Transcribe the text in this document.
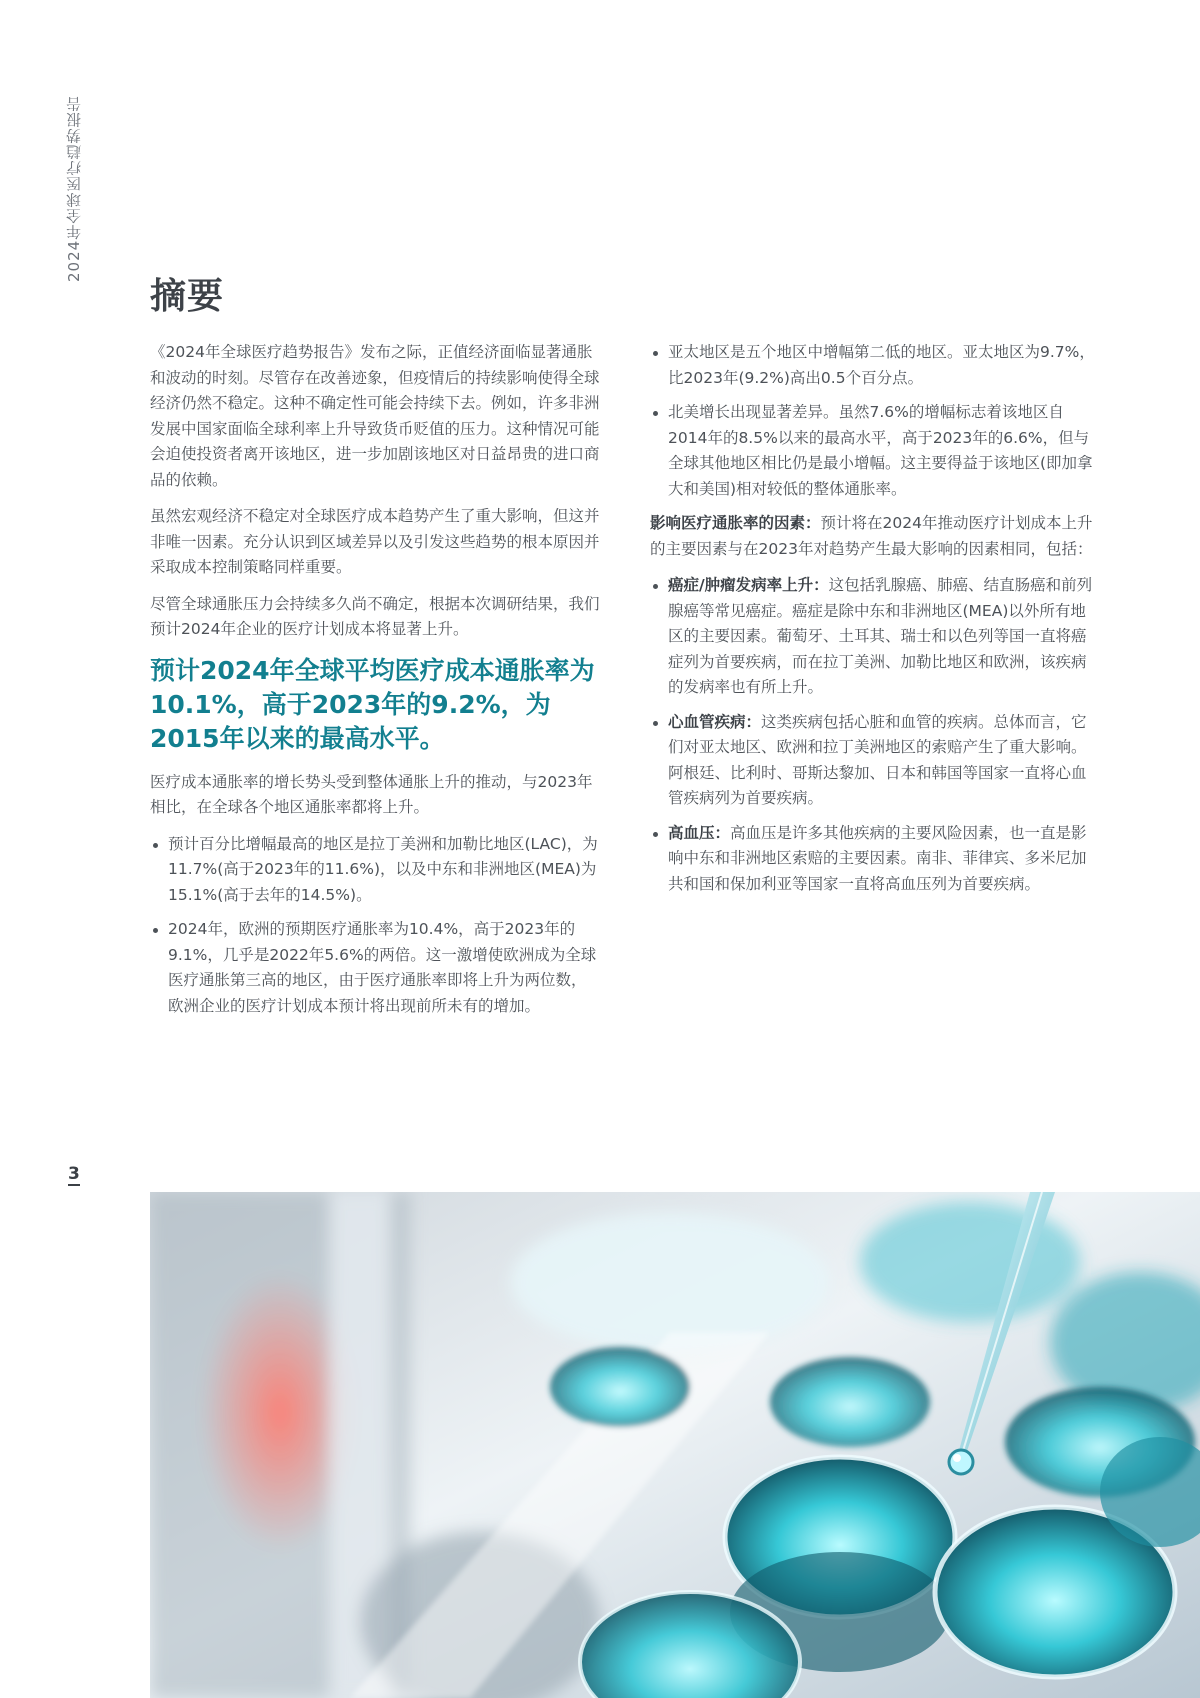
2024年全球医疗趋势报告
摘要

《2024年全球医疗趋势报告》发布之际，正值经济面临显著通胀和波动的时刻。尽管存在改善迹象，但疫情后的持续影响使得全球经济仍然不稳定。这种不确定性可能会持续下去。例如，许多非洲发展中国家面临全球利率上升导致货币贬值的压力。这种情况可能会迫使投资者离开该地区，进一步加剧该地区对日益昂贵的进口商品的依赖。

虽然宏观经济不稳定对全球医疗成本趋势产生了重大影响，但这并非唯一因素。充分认识到区域差异以及引发这些趋势的根本原因并采取成本控制策略同样重要。

尽管全球通胀压力会持续多久尚不确定，根据本次调研结果，我们预计2024年企业的医疗计划成本将显著上升。

预计2024年全球平均医疗成本通胀率为10.1%，高于2023年的9.2%，为2015年以来的最高水平。

医疗成本通胀率的增长势头受到整体通胀上升的推动，与2023年相比，在全球各个地区通胀率都将上升。

预计百分比增幅最高的地区是拉丁美洲和加勒比地区(LAC)，为11.7%(高于2023年的11.6%)，以及中东和非洲地区(MEA)为15.1%(高于去年的14.5%)。
2024年，欧洲的预期医疗通胀率为10.4%，高于2023年的9.1%，几乎是2022年5.6%的两倍。这一激增使欧洲成为全球医疗通胀第三高的地区，由于医疗通胀率即将上升为两位数，欧洲企业的医疗计划成本预计将出现前所未有的增加。
亚太地区是五个地区中增幅第二低的地区。亚太地区为9.7%，比2023年(9.2%)高出0.5个百分点。
北美增长出现显著差异。虽然7.6%的增幅标志着该地区自2014年的8.5%以来的最高水平，高于2023年的6.6%，但与全球其他地区相比仍是最小增幅。这主要得益于该地区(即加拿大和美国)相对较低的整体通胀率。

影响医疗通胀率的因素：预计将在2024年推动医疗计划成本上升的主要因素与在2023年对趋势产生最大影响的因素相同，包括：

癌症/肿瘤发病率上升：这包括乳腺癌、肺癌、结直肠癌和前列腺癌等常见癌症。癌症是除中东和非洲地区(MEA)以外所有地区的主要因素。葡萄牙、土耳其、瑞士和以色列等国一直将癌症列为首要疾病，而在拉丁美洲、加勒比地区和欧洲，该疾病的发病率也有所上升。
心血管疾病：这类疾病包括心脏和血管的疾病。总体而言，它们对亚太地区、欧洲和拉丁美洲地区的索赔产生了重大影响。阿根廷、比利时、哥斯达黎加、日本和韩国等国家一直将心血管疾病列为首要疾病。
高血压：高血压是许多其他疾病的主要风险因素，也一直是影响中东和非洲地区索赔的主要因素。南非、菲律宾、多米尼加共和国和保加利亚等国家一直将高血压列为首要疾病。
3
